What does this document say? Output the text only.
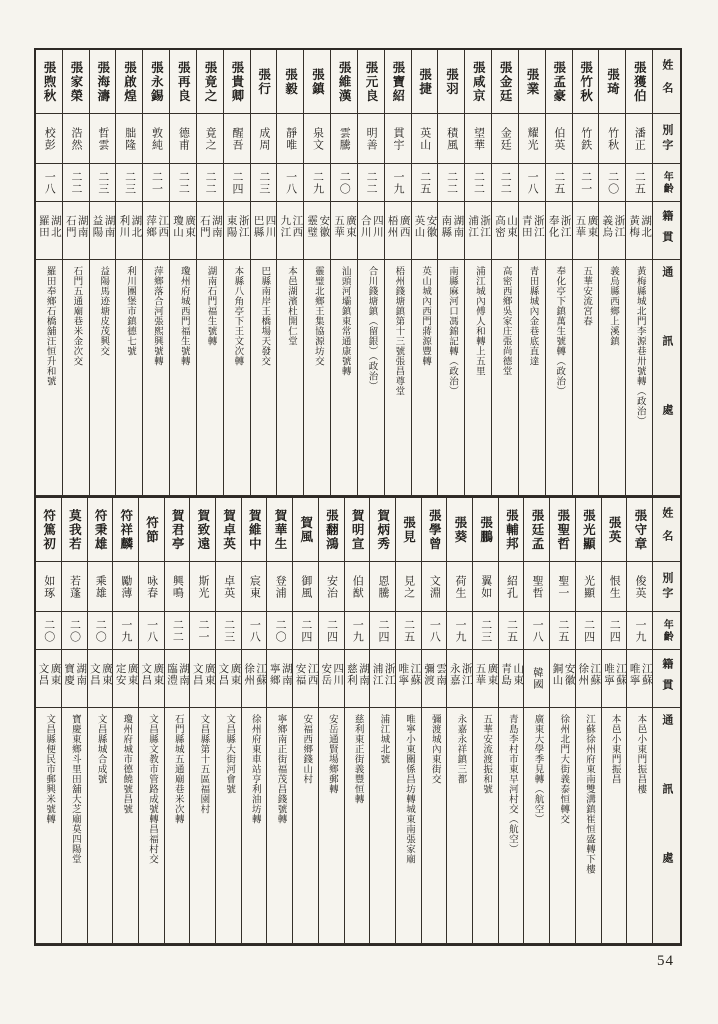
姓名
別字
年齡
籍貫
通訊處
張獲伯
潘正
二五
湖北黃梅
黃梅縣城北門李源巷卅號轉（政治）
張琦
竹秋
二〇
浙江義烏
義烏縣西鄉上溪鎮
張竹秋
竹鉄
二一
廣東五華
五華安流宮春
張孟豪
伯英
二五
浙江奉化
奉化亭下鎮萬生號轉（政治）
張業
耀光
一八
浙江青田
青田縣城內金巷底直達
張金廷
金廷
二二
山東高密
高密西鄉吳家庄張尚德堂
張咸京
望華
二二
浙江浦江
浦江城內傅人和轉上五里
張羽
積風
二二
湖南南縣
南縣麻河口馮錦記轉（政治）
張捷
英山
二五
安徽英山
英山城內西門蔣源豐轉
張寶紹
貫宇
一九
廣西梧州
梧州錢塘鎮第十三號張昌尊堂
張元良
明善
二二
四川合川
合川錢塘鎮（留銀）（政治）
張維漢
雲騰
二〇
廣東五華
汕頭河壩鎮東常通康號轉
張鎮
泉文
二九
安徽靈璧
靈璧北鄉王集協源坊交
張毅
靜唯
一八
江西九江
本邑湖濱杜開仁堂
張行
成周
二三
四川巴縣
巴縣南岸王橋場天發交
張貴卿
醒吾
二四
浙江東陽
本縣八角亭下王文次轉
張竟之
竟之
二二
湖南石門
湖南石門福生號轉
張再良
德甫
二二
廣東瓊山
瓊州府城西門福生號轉
張永錫
敦純
二一
江西萍鄉
萍鄉落合河張熙興號轉
張啟煌
朏隆
二三
湖北利川
利川團堡市鎮德七號
張海濤
哲雲
二三
湖南益陽
益陽馬迹塘皮茂興交
張家榮
浩然
二二
湖南石門
石門五通廟巷米金次交
張煦秋
校彭
一八
湖北羅田
羅田奉鄉石橋舖汪恒升和號
姓名
別字
年齡
籍貫
通訊處
張守章
俊英
一九
江蘇唯寧
本邑小東門振昌樓
張英
恨生
二四
江蘇唯寧
本邑小東門振昌
張光顯
光顯
二四
江蘇徐州
江蘇徐州府東南雙溝鎮崔恒盛轉下樓
張聖哲
聖一
二五
安徽銅山
徐州北門大街義泰恒轉交
張廷孟
聖哲
一八
韓國
廣東大學季見轉（航空）
張輔邦
紹孔
二五
山東青島
青島李村市東早河村交（航空）
張鵬
翼如
二三
廣東五華
五華安流渡振和號
張葵
荷生
一九
浙江永嘉
永嘉永祥鎮三都
張學曾
文淵
一八
雲南彌渡
彌渡城內東街交
張見
見之
二五
江蘇唯寧
唯寧小東關係昌坊轉城東南張家廟
賀炳秀
恩騰
二四
浙江浦江
浦江城北號
賀明宣
伯猷
一九
湖南慈利
慈利東正街義豐恒轉
張翻鴻
安治
二四
四川安岳
安岳通賢場鄉郵轉
賀風
御風
二四
江西安福
安福西鄉錢山村
賀華生
登浦
二〇
湖南寧鄉
寧鄉南正街福茂昌錢號轉
賀維中
宸東
一八
江蘇徐州
徐州府東車站亨利油坊轉
賀卓英
卓英
二三
廣東文昌
文昌縣大街河會號
賀致遠
斯光
二一
廣東文昌
文昌縣第十五區福園村
賀君亭
興鳴
二二
湖南臨澧
石門縣城五通廟巷米次轉
符節
咏春
一八
廣東文昌
文昌縣文教市管路成號轉昌福村交
符祥麟
勵薄
一九
廣東定安
瓊州府城市德饒號昌號
符秉雄
乘雄
二〇
廣東文昌
文昌縣城合成號
莫我若
若蓬
二〇
湖南寶慶
寶慶東鄉斗里田舖大芝廟莫四陽堂
符篤初
如琢
二〇
廣東文昌
文昌縣便民市郵興米號轉
54
